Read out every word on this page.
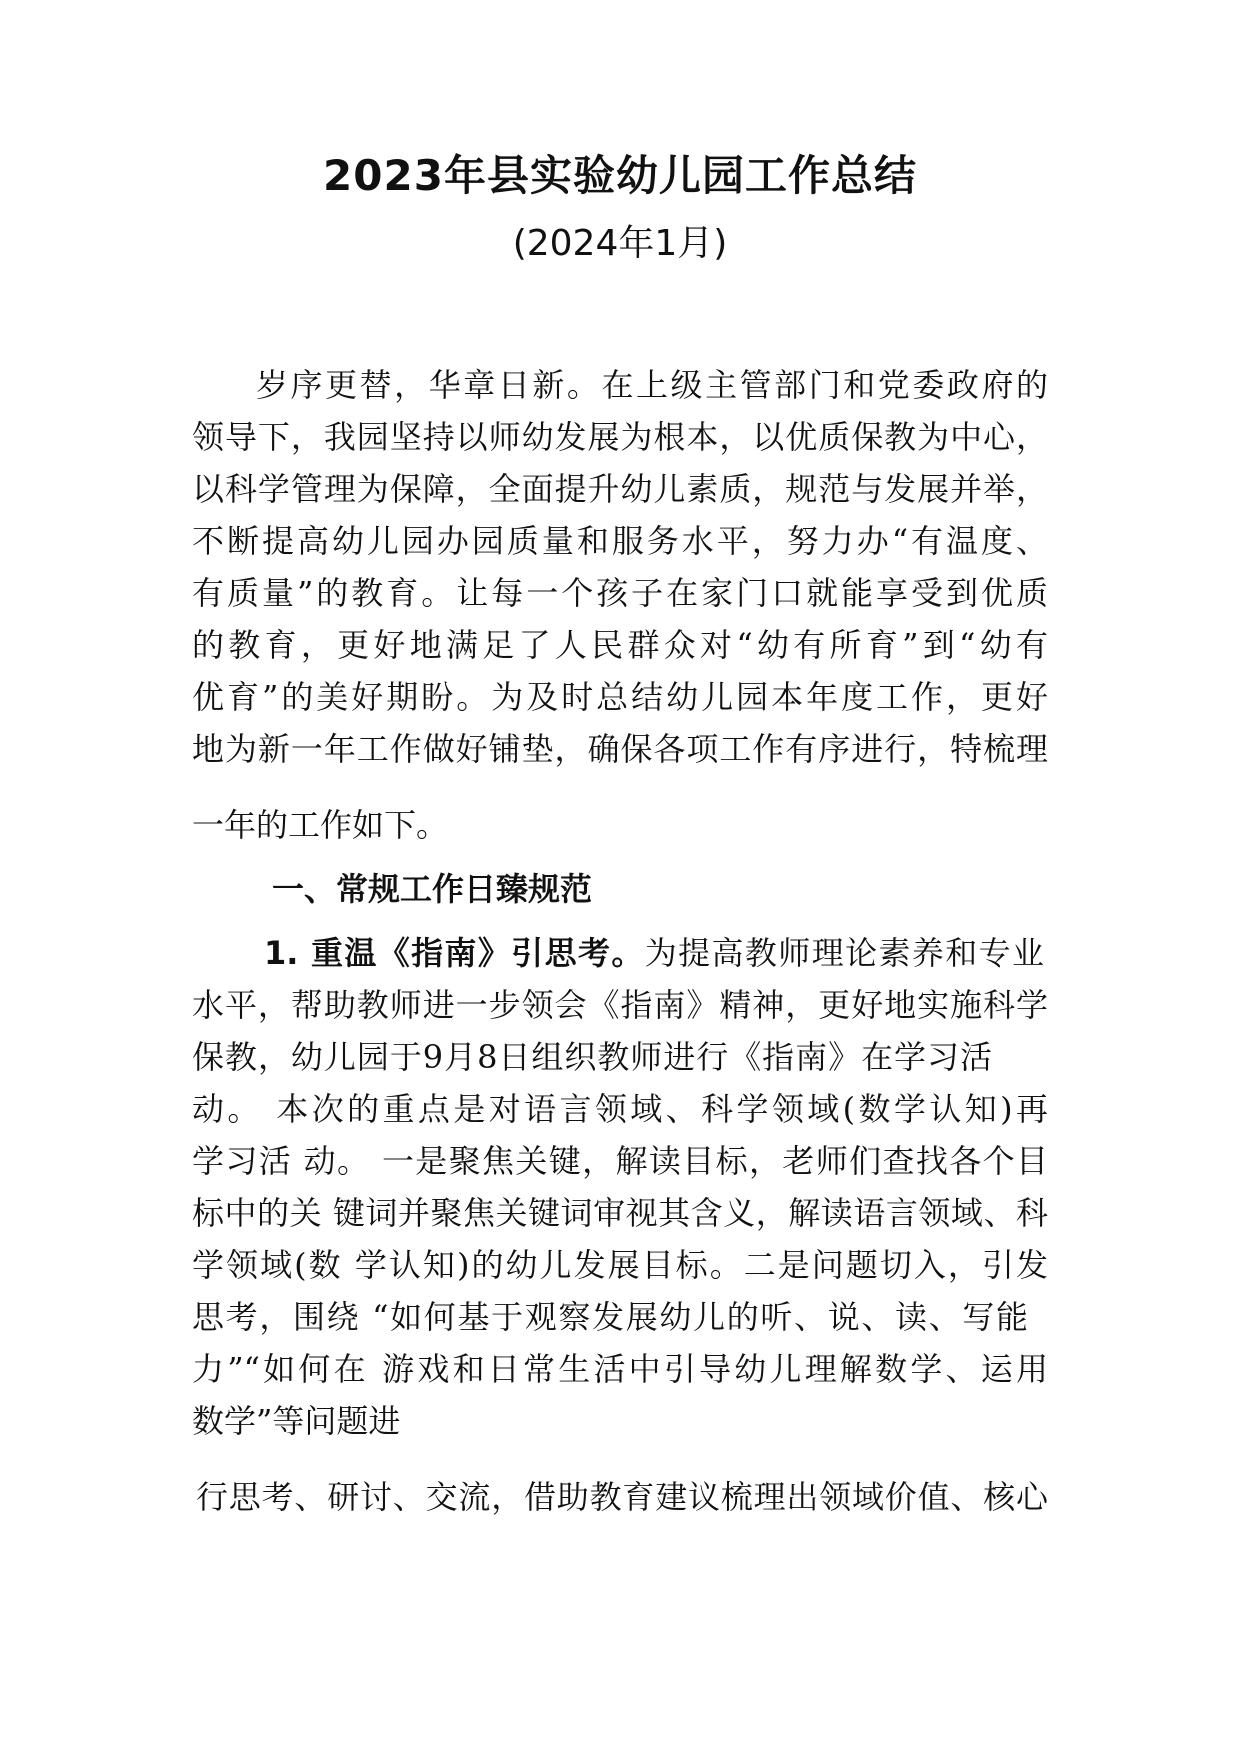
2023年县实验幼儿园工作总结
(2024年1月)
岁序更替，华章日新。在上级主管部门和党委政府的
领导下，我园坚持以师幼发展为根本，以优质保教为中心，
以科学管理为保障，全面提升幼儿素质，规范与发展并举，
不断提高幼儿园办园质量和服务水平，努力办“有温度、
有质量”的教育。让每一个孩子在家门口就能享受到优质
的教育，更好地满足了人民群众对“幼有所育”到“幼有
优育”的美好期盼。为及时总结幼儿园本年度工作，更好
地为新一年工作做好铺垫，确保各项工作有序进行，特梳理
一年的工作如下。
一、常规工作日臻规范
1. 重温《指南》引思考。为提高教师理论素养和专业
水平，帮助教师进一步领会《指南》精神，更好地实施科学
保教，幼儿园于9月8日组织教师进行《指南》在学习活
动。 本次的重点是对语言领域、科学领域(数学认知)再
学习活 动。 一是聚焦关键，解读目标，老师们查找各个目
标中的关 键词并聚焦关键词审视其含义，解读语言领域、科
学领域(数 学认知)的幼儿发展目标。二是问题切入，引发
思考，围绕 “如何基于观察发展幼儿的听、说、读、写能
力”“如何在 游戏和日常生活中引导幼儿理解数学、运用
数学”等问题进
行思考、研讨、交流，借助教育建议梳理出领域价值、核心
